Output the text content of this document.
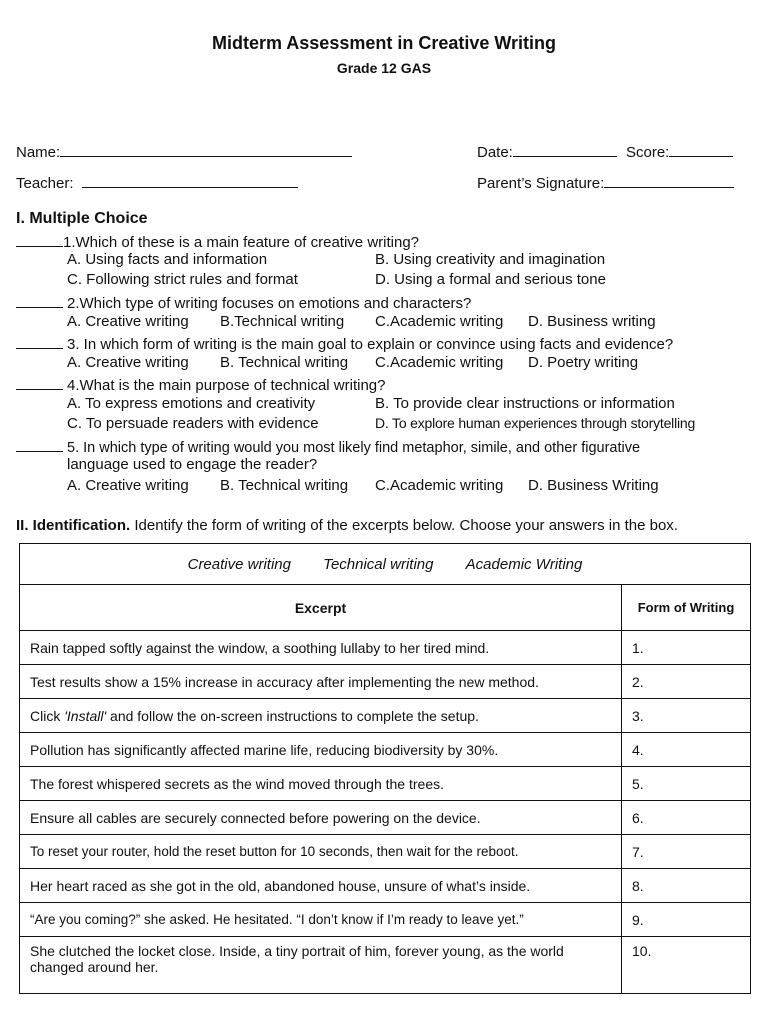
Midterm Assessment in Creative Writing
Grade 12 GAS
Name:	Date:	Score:
Teacher:	Parent’s Signature:
I. Multiple Choice
1.Which of these is a main feature of creative writing?
A. Using facts and information	B. Using creativity and imagination
C. Following strict rules and format	D. Using a formal and serious tone
2.Which type of writing focuses on emotions and characters?
A. Creative writing B.Technical writing C.Academic writing D. Business writing
3. In which form of writing is the main goal to explain or convince using facts and evidence?
A. Creative writing B. Technical writing C.Academic writing D. Poetry writing
4.What is the main purpose of technical writing?
A. To express emotions and creativity	B. To provide clear instructions or information
C. To persuade readers with evidence	D. To explore human experiences through storytelling
5. In which type of writing would you most likely find metaphor, simile, and other figurative
language used to engage the reader?
A. Creative writing B. Technical writing C.Academic writing D. Business Writing
II. Identification. Identify the form of writing of the excerpts below. Choose your answers in the box.
Creative writing Technical writing Academic Writing	
Excerpt	Form of Writing
Rain tapped softly against the window, a soothing lullaby to her tired mind.	1.
Test results show a 15% increase in accuracy after implementing the new method.	2.
Click 'Install' and follow the on-screen instructions to complete the setup.	3.
Pollution has significantly affected marine life, reducing biodiversity by 30%.	4.
The forest whispered secrets as the wind moved through the trees.	5.
Ensure all cables are securely connected before powering on the device.	6.
To reset your router, hold the reset button for 10 seconds, then wait for the reboot.	7.
Her heart raced as she got in the old, abandoned house, unsure of what’s inside.	8.
“Are you coming?” she asked. He hesitated. “I don’t know if I’m ready to leave yet.”	9.
She clutched the locket close. Inside, a tiny portrait of him, forever young, as the world changed around her.	10.
